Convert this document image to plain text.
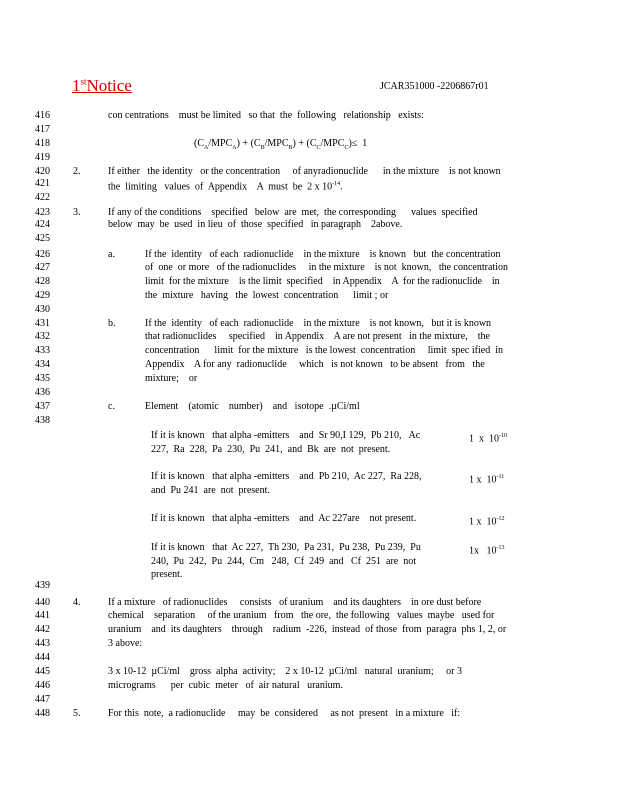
1stNotice	JCAR351000 -2206867r01
416
417
418
419
420
421
422
423
424
425
426
427
428
429
430
431
432
433
434
435
436
437
438
439
440
441
442
443
444
445
446
447
448
con centrations    must be limited   so that  the  following   relationship   exists:
$(C_A/MPC_A) + (C_B/MPC_B) + (C_C/MPC_C)\le 1$
2.	If either   the identity   or the concentration     of anyradionuclide      in the mixture    is not known
the  limiting   values  of  Appendix    A  must  be  2 x $10^{-14}$.
3.	If any of the conditions    specified   below  are  met,  the corresponding      values  specified
below  may  be  used  in lieu  of  those  specified   in paragraph    2above.
a.	If the  identity   of each  radionuclide    in the mixture    is known   but  the concentration
of  one  or more   of the radionuclides     in the mixture    is not  known,   the concentration
limit  for the mixture    is the limit  specified    in Appendix    A  for the radionuclide    in
the  mixture   having   the  lowest  concentration      limit ; or
b.	If the  identity   of each  radionuclide    in the mixture    is not known,   but it is known
that radionuclides     specified    in Appendix    A are not present   in the mixture,    the
concentration      limit  for the mixture   is the lowest  concentration     limit  spec ified  in
Appendix    A for any  radionuclide     which   is not known   to be absent   from   the
mixture;    or
c.	Element    (atomic    number)    and   isotope  .µCi/ml
If it is known   that alpha -emitters    and  Sr 90,I 129,  Pb 210,   Ac
227,  Ra  228,  Pa  230,  Pu  241,  and  Bk  are  not  present.
1  x  $10^{-10}$
If it is known   that alpha -emitters    and  Pb 210,  Ac 227,  Ra 228,
and  Pu 241  are  not  present.
1 x  $10^{-11}$
If it is known   that alpha -emitters    and  Ac 227are    not present.	1 x  $10^{-12}$
If it is known   that  Ac 227,  Th 230,  Pa 231,  Pu 238,  Pu 239,  Pu
240,  Pu  242,  Pu  244,  Cm   248,  Cf  249  and   Cf  251  are  not
present.
1x   $10^{-13}$
4.	If a mixture   of radionuclides     consists   of uranium    and its daughters    in ore dust before
chemical    separation     of the uranium   from   the ore,  the following   values  maybe   used for
uranium    and  its daughters    through    radium  -226,  instead  of those  from  paragra  phs 1, 2, or
3 above:
3 x 10-12  µCi/ml    gross  alpha  activity;    2 x 10-12  µCi/ml   natural  uranium;     or 3
micrograms      per  cubic  meter   of  air natural   uranium.
5.	For this  note,  a radionuclide     may  be  considered     as not  present   in a mixture   if:
